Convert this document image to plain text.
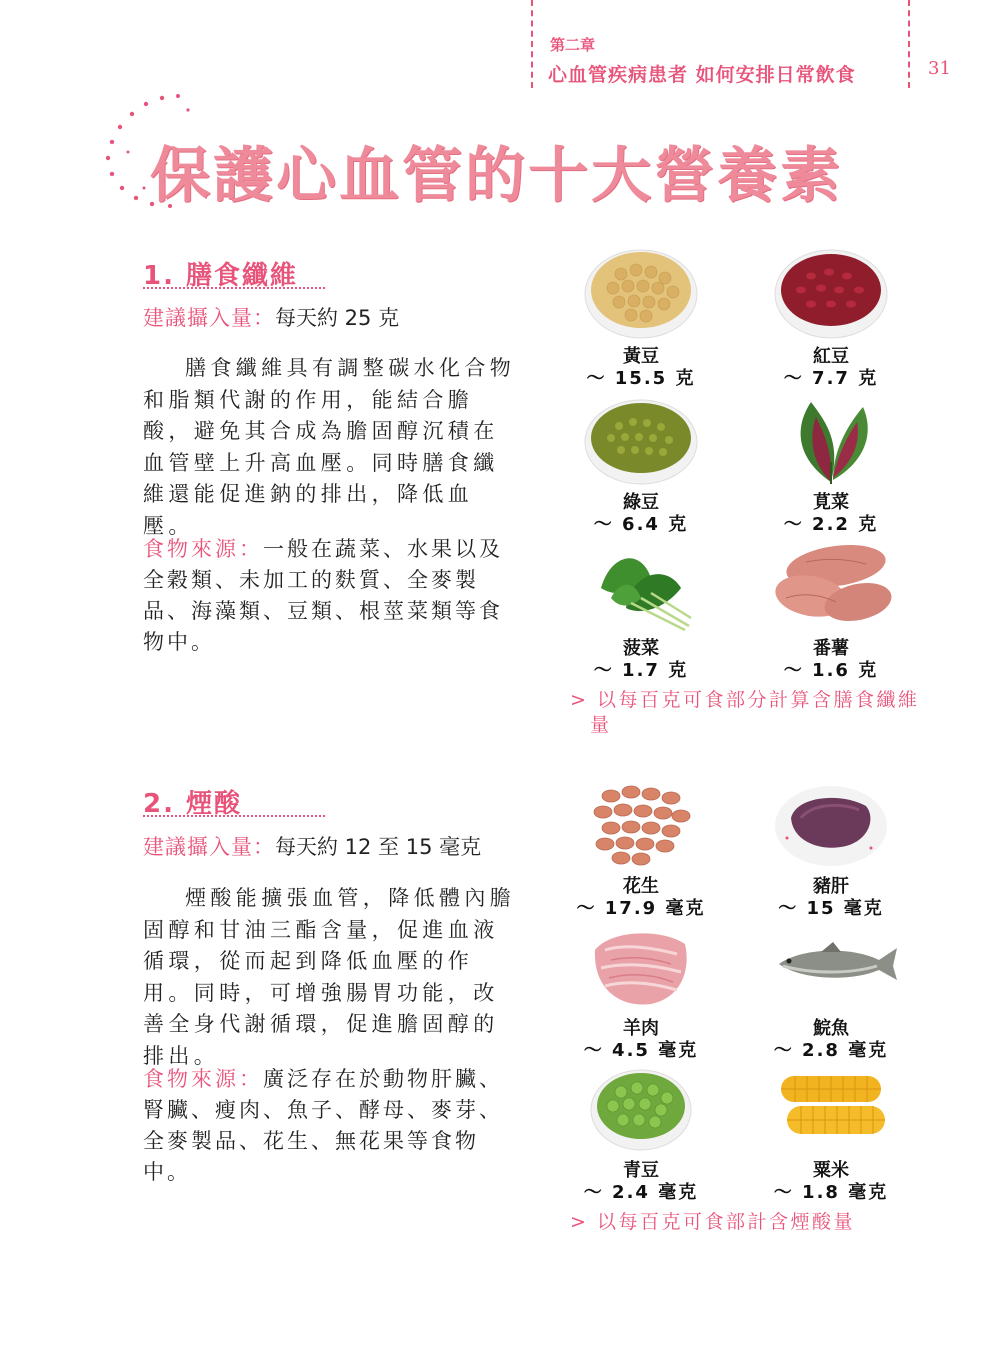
第二章
心血管疾病患者 如何安排日常飲食	31
保護心血管的十大營養素
1. 膳食纖維
建議攝入量：每天約 25 克

膳食纖維具有調整碳水化合物和脂類代謝的作用，能結合膽酸，避免其合成為膽固醇沉積在血管壁上升高血壓。同時膳食纖維還能促進鈉的排出，降低血壓。

食物來源：一般在蔬菜、水果以及全穀類、未加工的麩質、全麥製品、海藻類、豆類、根莖菜類等食物中。

黃豆
～ 15.5 克
紅豆
～ 7.7 克
綠豆
～ 6.4 克
莧菜
～ 2.2 克
菠菜
～ 1.7 克
番薯
～ 1.6 克

> 以每百克可食部分計算含膳食纖維量

2. 煙酸
建議攝入量：每天約 12 至 15 毫克

煙酸能擴張血管，降低體內膽固醇和甘油三酯含量，促進血液循環，從而起到降低血壓的作用。同時，可增強腸胃功能，改善全身代謝循環，促進膽固醇的排出。

食物來源：廣泛存在於動物肝臟、腎臟、瘦肉、魚子、酵母、麥芽、全麥製品、花生、無花果等食物中。

花生
～ 17.9 毫克
豬肝
～ 15 毫克
羊肉
～ 4.5 毫克
鯇魚
～ 2.8 毫克
青豆
～ 2.4 毫克
粟米
～ 1.8 毫克

> 以每百克可食部計含煙酸量
